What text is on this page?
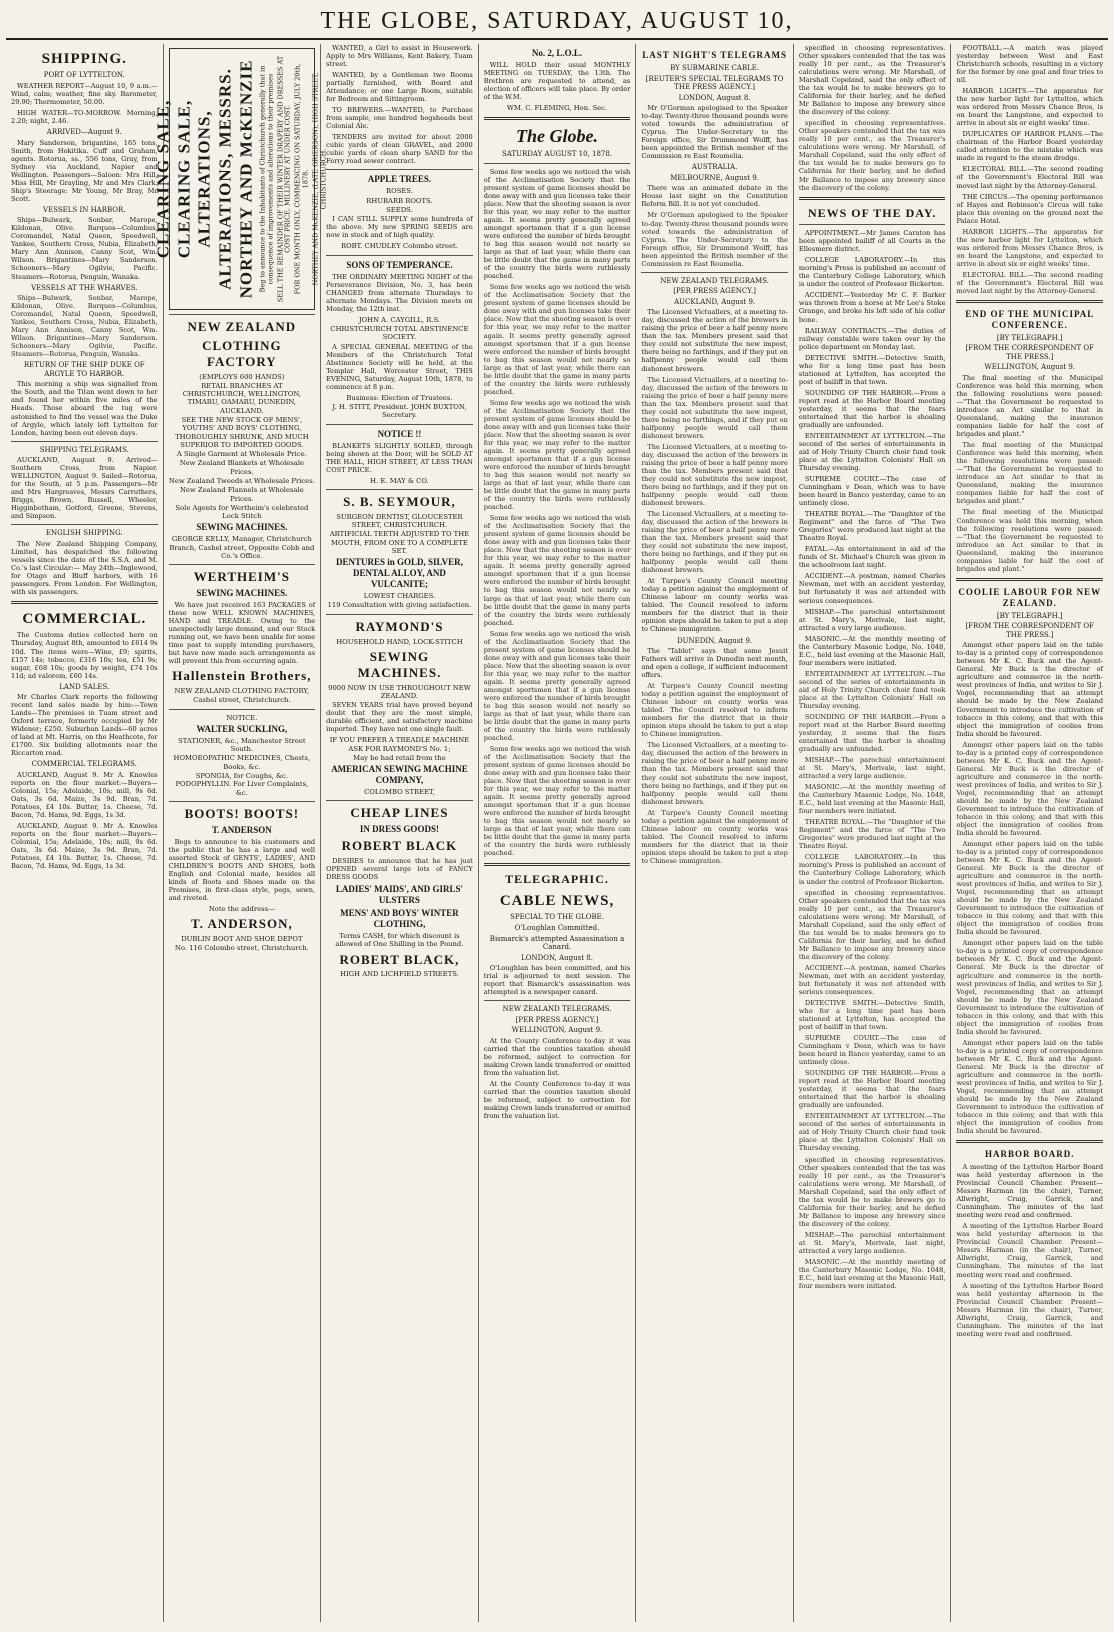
THE GLOBE, SATURDAY, AUGUST 10,
SHIPPING.
PORT OF LYTTELTON.

WEATHER REPORT—August 10, 9 a.m.—Wind, calm; weather, fine sky. Barometer, 29.90; Thermometer, 50.00.

HIGH WATER—TO-MORROW. Morning, 2.20; night, 2.46.

ARRIVED—August 9.

Mary Sanderson, brigantine, 165 tons, Smith, from Hokitika. Cuff and Graham, agents. Rotorua, ss., 556 tons, Gray, from Sydney via Auckland, Napier and Wellington. Passengers—Saloon: Mrs Hill, Miss Hill, Mr Grayling, Mr and Mrs Clark. Ship's Steerage: Mr Young, Mr Bray, Mr Scott.

VESSELS IN HARBOR.

Ships—Bulwark, Sonbar, Marope, Kildonan, Olive. Barques—Columbus, Coromandel, Natal Queen, Speedwell, Yankee, Southern Cross, Nubia, Elizabeth, Mary Ann Annison, Canny Scot, Wm. Wilson. Brigantines—Mary Sanderson. Schooners—Mary Ogilvie, Pacific. Steamers—Rotorua, Penguin, Wanaka.

VESSELS AT THE WHARVES.

Ships—Bulwark, Sonbar, Marope, Kildonan, Olive. Barques—Columbus, Coromandel, Natal Queen, Speedwell, Yankee, Southern Cross, Nubia, Elizabeth, Mary Ann Annison, Canny Scot, Wm. Wilson. Brigantines—Mary Sanderson. Schooners—Mary Ogilvie, Pacific. Steamers—Rotorua, Penguin, Wanaka.

RETURN OF THE SHIP DUKE OF ARGYLE TO HARBOR.

This morning a ship was signalled from the South, and the Titan went down to her and found her within five miles of the Heads. Those aboard the tug were astonished to find the vessel was the Duke of Argyle, which lately left Lyttelton for London, having been out eleven days.

SHIPPING TELEGRAMS.

AUCKLAND, August 9. Arrived—Southern Cross, from Napier. WELLINGTON, August 9. Sailed—Rotorua, for the South, at 5 p.m. Passengers—Mr and Mrs Hargreaves, Messrs Carruthers, Briggs, Brown, Russell, Wheeler, Higginbotham, Gotford, Greene, Stevens, and Simpson.

ENGLISH SHIPPING.

The New Zealand Shipping Company, Limited, has despatched the following vessels since the date of the S.S.A. and M. Co.'s last Circular:— May 24th—Inglewood, for Otago and Bluff harbors, with 16 passengers. From London. For Wellington, with six passengers.

COMMERCIAL.

The Customs duties collected here on Thursday, August 8th, amounted to £614 9s 10d. The items were—Wine, £9; spirits, £157 14s; tobacco, £316 10s; tea, £51 9s; sugar, £68 10s; goods by weight, £74 10s 11d; ad valorem, £60 14s.

LAND SALES.

Mr Charles Clark reports the following recent land sales made by him:—Town Lands—The premises in Tuam street and Oxford terrace, formerly occupied by Mr Widener; £250. Suburban Lands—60 acres of land at Mt. Harris, on the Heathcote, for £1700. Six building allotments near the Riccarton road.

COMMERCIAL TELEGRAMS.

AUCKLAND, August 9. Mr A. Knowles reports on the flour market:—Buyers—Colonial, 15s; Adelaide, 10s; mill, 9s 6d. Oats, 3s 6d. Maize, 3s 9d. Bran, 7d. Potatoes, £4 10s. Butter, 1s. Cheese, 7d. Bacon, 7d. Hams, 9d. Eggs, 1s 3d.

AUCKLAND, August 9. Mr A. Knowles reports on the flour market:—Buyers—Colonial, 15s; Adelaide, 10s; mill, 9s 6d. Oats, 3s 6d. Maize, 3s 9d. Bran, 7d. Potatoes, £4 10s. Butter, 1s. Cheese, 7d. Bacon, 7d. Hams, 9d. Eggs, 1s 3d.

CLEARING SALE, CLEARING SALE, ALTERATIONS, ALTERATIONS, MESSRS. NORTHEY AND McKENZIE Beg to announce to the Inhabitants of Christchurch generally that in consequence of improvements and alterations to their premises SELL THE REMAINDER OF THEIR WINTER DRAPERY AND DRESSES AT COST PRICE. MILLINERY AT UNDER COST. FOR ONE MONTH ONLY, COMMENCING ON SATURDAY, JULY 20th, 1878. NORTHEY AND McKENZIE, (LATE GRIERSON), HIGH STREET, CHRISTCHURCH.
NEW ZEALAND
CLOTHING FACTORY
(EMPLOYS 600 HANDS)
RETAIL BRANCHES AT CHRISTCHURCH, WELLINGTON, TIMARU, OAMARU, DUNEDIN, AUCKLAND.
SEE THE NEW STOCK OF MENS', YOUTHS' AND BOYS' CLOTHING, THOROUGHLY SHRUNK, AND MUCH SUPERIOR TO IMPORTED GOODS.
A Single Garment at Wholesale Price.
New Zealand Blankets at Wholesale Prices.
New Zealand Tweeds at Wholesale Prices.
New Zealand Flannels at Wholesale Prices.
Sole Agents for Wertheim's celebrated Lock Stitch
SEWING MACHINES.
GEORGE KELLY, Manager, Christchurch Branch, Cashel street, Opposite Cobb and Co.'s Office.
WERTHEIM'S
SEWING MACHINES.

We have just received 163 PACKAGES of these now WELL KNOWN MACHINES, HAND and TREADLE. Owing to the unexpectedly large demand, and our Stock running out, we have been unable for some time past to supply intending purchasers, but have now made such arrangements as will prevent this from occurring again.

Hallenstein Brothers,
NEW ZEALAND CLOTHING FACTORY,
Cashel street, Christchurch.
NOTICE.
WALTER SUCKLING,
STATIONER, &c., Manchester Street South.
HOMOEOPATHIC MEDICINES, Chests, Books, &c.
SPONGIA, for Coughs, &c. PODOPHYLLIN. For Liver Complaints, &c.
BOOTS! BOOTS!
T. ANDERSON

Begs to announce to his customers and the public that he has a large and well assorted Stock of GENTS', LADIES', AND CHILDREN'S BOOTS AND SHOES, both English and Colonial made, besides all kinds of Boots and Shoes made on the Premises, in first-class style, pegs, sewn, and riveted.

Note the address—
T. ANDERSON,
DUBLIN BOOT AND SHOE DEPOT
No. 116 Colombo street, Christchurch.

WANTED, a Girl to assist in Housework. Apply to Mrs Williams, Kent Bakery, Tuam street.

WANTED, by a Gentleman two Rooms partially furnished, with Board and Attendance; or one Large Room, suitable for Bedroom and Sittingroom.

TO BREWERS.—WANTED, to Purchase from sample, one hundred hogsheads best Colonial Ale.

TENDERS are invited for about 2000 cubic yards of clean GRAVEL, and 2000 cubic yards of clean sharp SAND for the Ferry road sewer contract.

APPLE TREES.
ROSES.
RHUBARB ROOTS.
SEEDS.

I CAN STILL SUPPLY some hundreds of the above. My new SPRING SEEDS are now in stock and of high quality.

ROBT. CHUDLEY Colombo street.
SONS OF TEMPERANCE.

THE ORDINARY MEETING NIGHT of the Perseverance Division, No. 3, has been CHANGED from alternate Thursdays to alternate Mondays. The Division meets on Monday, the 12th inst.

JOHN A. CAYGILL, R.S.
CHRISTCHURCH TOTAL ABSTINENCE SOCIETY.

A SPECIAL GENERAL MEETING of the Members of the Christchurch Total Abstinence Society will be held, at the Templar Hall, Worcester Street, THIS EVENING, Saturday, August 10th, 1878, to commence at 8 p.m.

Business: Election of Trustees.
J. H. STITT, President. JOHN BUXTON, Secretary.
NOTICE !!

BLANKETS SLIGHTLY SOILED, through being shown at the Door, will be SOLD AT THE HALL, HIGH STREET, AT LESS THAN COST PRICE.

H. E. MAY & CO.
S. B. SEYMOUR,
SURGEON DENTIST, GLOUCESTER STREET, CHRISTCHURCH.
ARTIFICIAL TEETH ADJUSTED TO THE MOUTH, FROM ONE TO A COMPLETE SET.
DENTURES in GOLD, SILVER, DENTAL ALLOY, AND VULCANITE;
LOWEST CHARGES.
119 Consultation with giving satisfaction.
RAYMOND'S
HOUSEHOLD HAND, LOCK-STITCH
SEWING MACHINES.
9000 NOW IN USE THROUGHOUT NEW ZEALAND.

SEVEN YEARS trial have proved beyond doubt that they are the most simple, durable efficient, and satisfactory machine imported. They have not one single fault.

IF YOU PREFER A TREADLE MACHINE ASK FOR RAYMOND'S No. 1;
May be had retail from the
AMERICAN SEWING MACHINE COMPANY,
COLOMBO STREET,
CHEAP LINES
IN DRESS GOODS!
ROBERT BLACK

DESIRES to announce that he has just OPENED several large lots of FANCY DRESS GOODS

LADIES' MAIDS', AND GIRLS' ULSTERS
MENS' AND BOYS' WINTER CLOTHING,
Terms CASH, for which discount is allowed of One Shilling in the Pound.
ROBERT BLACK,
HIGH AND LICHFIELD STREETS.
No. 2, L.O.L.

WILL HOLD their usual MONTHLY MEETING on TUESDAY, the 13th. The Brethren are requested to attend, as election of officers will take place. By order of the W.M.

WM. C. FLEMING, Hon. Sec.
The Globe.
SATURDAY AUGUST 10, 1878.

Some few weeks ago we noticed the wish of the Acclimatisation Society that the present system of game licenses should be done away with and gun licenses take their place. Now that the shooting season is over for this year, we may refer to the matter again. It seems pretty generally agreed amongst sportsmen that if a gun license were enforced the number of birds brought to bag this season would not nearly so large as that of last year, while there can be little doubt that the game in many parts of the country the birds were ruthlessly poached.

Some few weeks ago we noticed the wish of the Acclimatisation Society that the present system of game licenses should be done away with and gun licenses take their place. Now that the shooting season is over for this year, we may refer to the matter again. It seems pretty generally agreed amongst sportsmen that if a gun license were enforced the number of birds brought to bag this season would not nearly so large as that of last year, while there can be little doubt that the game in many parts of the country the birds were ruthlessly poached.

Some few weeks ago we noticed the wish of the Acclimatisation Society that the present system of game licenses should be done away with and gun licenses take their place. Now that the shooting season is over for this year, we may refer to the matter again. It seems pretty generally agreed amongst sportsmen that if a gun license were enforced the number of birds brought to bag this season would not nearly so large as that of last year, while there can be little doubt that the game in many parts of the country the birds were ruthlessly poached.

Some few weeks ago we noticed the wish of the Acclimatisation Society that the present system of game licenses should be done away with and gun licenses take their place. Now that the shooting season is over for this year, we may refer to the matter again. It seems pretty generally agreed amongst sportsmen that if a gun license were enforced the number of birds brought to bag this season would not nearly so large as that of last year, while there can be little doubt that the game in many parts of the country the birds were ruthlessly poached.

Some few weeks ago we noticed the wish of the Acclimatisation Society that the present system of game licenses should be done away with and gun licenses take their place. Now that the shooting season is over for this year, we may refer to the matter again. It seems pretty generally agreed amongst sportsmen that if a gun license were enforced the number of birds brought to bag this season would not nearly so large as that of last year, while there can be little doubt that the game in many parts of the country the birds were ruthlessly poached.

Some few weeks ago we noticed the wish of the Acclimatisation Society that the present system of game licenses should be done away with and gun licenses take their place. Now that the shooting season is over for this year, we may refer to the matter again. It seems pretty generally agreed amongst sportsmen that if a gun license were enforced the number of birds brought to bag this season would not nearly so large as that of last year, while there can be little doubt that the game in many parts of the country the birds were ruthlessly poached.

TELEGRAPHIC.
CABLE NEWS,
SPECIAL TO THE GLOBE.
O'Loughlan Committed.
Bismarck's attempted Assassination a Canard.
LONDON, August 8.

O'Loughlan has been committed, and his trial is adjourned to next session. The report that Bismarck's assassination was attempted is a newspaper canard.

NEW ZEALAND TELEGRAMS.
[PER PRESS AGENCY.]
WELLINGTON, August 9.

At the County Conference to-day it was carried that the counties taxation should be reformed, subject to correction for making Crown lands transferred or omitted from the valuation list.

At the County Conference to-day it was carried that the counties taxation should be reformed, subject to correction for making Crown lands transferred or omitted from the valuation list.

LAST NIGHT'S TELEGRAMS
BY SUBMARINE CABLE.
[REUTER'S SPECIAL TELEGRAMS TO THE PRESS AGENCY.]
LONDON, August 8.

Mr O'Gorman apologised to the Speaker to-day. Twenty-three thousand pounds were voted towards the administration of Cyprus. The Under-Secretary to the Foreign office, Sir Drummond Wolff, has been appointed the British member of the Commission re East Roumelia.

AUSTRALIA.
MELBOURNE, August 9.

There was an animated debate in the House last night on the Constitution Reform Bill. It is not yet concluded.

Mr O'Gorman apologised to the Speaker to-day. Twenty-three thousand pounds were voted towards the administration of Cyprus. The Under-Secretary to the Foreign office, Sir Drummond Wolff, has been appointed the British member of the Commission re East Roumelia.

NEW ZEALAND TELEGRAMS.
[PER PRESS AGENCY.]
AUCKLAND, August 9.

The Licensed Victuallers, at a meeting to-day, discussed the action of the brewers in raising the price of beer a half penny more than the tax. Members present said that they could not substitute the new impost, there being no farthings, and if they put on halfpenny people would call them dishonest brewers.

The Licensed Victuallers, at a meeting to-day, discussed the action of the brewers in raising the price of beer a half penny more than the tax. Members present said that they could not substitute the new impost, there being no farthings, and if they put on halfpenny people would call them dishonest brewers.

The Licensed Victuallers, at a meeting to-day, discussed the action of the brewers in raising the price of beer a half penny more than the tax. Members present said that they could not substitute the new impost, there being no farthings, and if they put on halfpenny people would call them dishonest brewers.

The Licensed Victuallers, at a meeting to-day, discussed the action of the brewers in raising the price of beer a half penny more than the tax. Members present said that they could not substitute the new impost, there being no farthings, and if they put on halfpenny people would call them dishonest brewers.

At Turpee's County Council meeting today a petition against the employment of Chinese labour on county works was tabled. The Council resolved to inform members for the district that in their opinion steps should be taken to put a stop to Chinese immigration.

DUNEDIN, August 9.

The "Tablet" says that some Jesuit Fathers will arrive in Dunedin next month, and open a college, if sufficient inducement offers.

At Turpee's County Council meeting today a petition against the employment of Chinese labour on county works was tabled. The Council resolved to inform members for the district that in their opinion steps should be taken to put a stop to Chinese immigration.

The Licensed Victuallers, at a meeting to-day, discussed the action of the brewers in raising the price of beer a half penny more than the tax. Members present said that they could not substitute the new impost, there being no farthings, and if they put on halfpenny people would call them dishonest brewers.

At Turpee's County Council meeting today a petition against the employment of Chinese labour on county works was tabled. The Council resolved to inform members for the district that in their opinion steps should be taken to put a stop to Chinese immigration.

specified in choosing representatives. Other speakers contended that the tax was really 10 per cent., as the Treasurer's calculations were wrong. Mr Marshall, of Marshall Copeland, said the only effect of the tax would be to make brewers go to California for their barley, and he defied Mr Ballance to impose any brewery since the discovery of the colony.

specified in choosing representatives. Other speakers contended that the tax was really 10 per cent., as the Treasurer's calculations were wrong. Mr Marshall, of Marshall Copeland, said the only effect of the tax would be to make brewers go to California for their barley, and he defied Mr Ballance to impose any brewery since the discovery of the colony.

NEWS OF THE DAY.

APPOINTMENT.—Mr James Caraton has been appointed bailiff of all Courts in the Ellesmere district.

COLLEGE LABORATORY.—In this morning's Press is published an account of the Canterbury College Laboratory, which is under the control of Professor Bickerton.

ACCIDENT.—Yesterday Mr C. F. Barker was thrown from a horse at Mr Lee's Stoke Grange, and broke his left side of his collar bone.

RAILWAY CONTRACTS.—The duties of railway constable were taken over by the police department on Monday last.

DETECTIVE SMITH.—Detective Smith, who for a long time past has been stationed at Lyttelton, has accepted the post of bailiff in that town.

SOUNDING OF THE HARBOR.—From a report read at the Harbor Board meeting yesterday, it seems that the fears entertained that the harbor is shoaling gradually are unfounded.

ENTERTAINMENT AT LYTTELTON.—The second of the series of entertainments in aid of Holy Trinity Church choir fund took place at the Lyttelton Colonists' Hall on Thursday evening.

SUPREME COURT.—The case of Cunningham v Dean, which was to have been heard in Banco yesterday, came to an untimely close.

THEATRE ROYAL.—The "Daughter of the Regiment" and the farce of "The Two Gregories" were produced last night at the Theatre Royal.

FATAL.—An entertainment in aid of the funds of St. Michael's Church was given in the schoolroom last night.

ACCIDENT.—A postman, named Charles Newman, met with an accident yesterday, but fortunately it was not attended with serious consequences.

MISHAP.—The parochial entertainment at St. Mary's, Merivale, last night, attracted a very large audience.

MASONIC.—At the monthly meeting of the Canterbury Masonic Lodge, No. 1048, E.C., held last evening at the Masonic Hall, four members were initiated.

ENTERTAINMENT AT LYTTELTON.—The second of the series of entertainments in aid of Holy Trinity Church choir fund took place at the Lyttelton Colonists' Hall on Thursday evening.

SOUNDING OF THE HARBOR.—From a report read at the Harbor Board meeting yesterday, it seems that the fears entertained that the harbor is shoaling gradually are unfounded.

MISHAP.—The parochial entertainment at St. Mary's, Merivale, last night, attracted a very large audience.

MASONIC.—At the monthly meeting of the Canterbury Masonic Lodge, No. 1048, E.C., held last evening at the Masonic Hall, four members were initiated.

THEATRE ROYAL.—The "Daughter of the Regiment" and the farce of "The Two Gregories" were produced last night at the Theatre Royal.

COLLEGE LABORATORY.—In this morning's Press is published an account of the Canterbury College Laboratory, which is under the control of Professor Bickerton.

specified in choosing representatives. Other speakers contended that the tax was really 10 per cent., as the Treasurer's calculations were wrong. Mr Marshall, of Marshall Copeland, said the only effect of the tax would be to make brewers go to California for their barley, and he defied Mr Ballance to impose any brewery since the discovery of the colony.

ACCIDENT.—A postman, named Charles Newman, met with an accident yesterday, but fortunately it was not attended with serious consequences.

DETECTIVE SMITH.—Detective Smith, who for a long time past has been stationed at Lyttelton, has accepted the post of bailiff in that town.

SUPREME COURT.—The case of Cunningham v Dean, which was to have been heard in Banco yesterday, came to an untimely close.

SOUNDING OF THE HARBOR.—From a report read at the Harbor Board meeting yesterday, it seems that the fears entertained that the harbor is shoaling gradually are unfounded.

ENTERTAINMENT AT LYTTELTON.—The second of the series of entertainments in aid of Holy Trinity Church choir fund took place at the Lyttelton Colonists' Hall on Thursday evening.

specified in choosing representatives. Other speakers contended that the tax was really 10 per cent., as the Treasurer's calculations were wrong. Mr Marshall, of Marshall Copeland, said the only effect of the tax would be to make brewers go to California for their barley, and he defied Mr Ballance to impose any brewery since the discovery of the colony.

MISHAP.—The parochial entertainment at St. Mary's, Merivale, last night, attracted a very large audience.

MASONIC.—At the monthly meeting of the Canterbury Masonic Lodge, No. 1048, E.C., held last evening at the Masonic Hall, four members were initiated.

FOOTBALL.—A match was played yesterday between West and East Christchurch schools, resulting in a victory for the former by one goal and four tries to nil.

HARBOR LIGHTS.—The apparatus for the new harbor light for Lyttelton, which was ordered from Messrs Chance Bros, is on board the Langstone, and expected to arrive in about six or eight weeks' time.

DUPLICATES OF HARBOR PLANS.—The chairman of the Harbor Board yesterday called attention to the mistake which was made in regard to the steam dredge.

ELECTORAL BILL.—The second reading of the Government's Electoral Bill was moved last night by the Attorney-General.

THE CIRCUS.—The opening performance of Hayes and Robinson's Circus will take place this evening on the ground next the Palace Hotel.

HARBOR LIGHTS.—The apparatus for the new harbor light for Lyttelton, which was ordered from Messrs Chance Bros, is on board the Langstone, and expected to arrive in about six or eight weeks' time.

ELECTORAL BILL.—The second reading of the Government's Electoral Bill was moved last night by the Attorney-General.

END OF THE MUNICIPAL CONFERENCE.
[BY TELEGRAPH.]
[FROM THE CORRESPONDENT OF THE PRESS.]
WELLINGTON, August 9.

The final meeting of the Municipal Conference was held this morning, when the following resolutions were passed:—"That the Government be requested to introduce an Act similar to that in Queensland, making the insurance companies liable for half the cost of brigades and plant."

The final meeting of the Municipal Conference was held this morning, when the following resolutions were passed:—"That the Government be requested to introduce an Act similar to that in Queensland, making the insurance companies liable for half the cost of brigades and plant."

The final meeting of the Municipal Conference was held this morning, when the following resolutions were passed:—"That the Government be requested to introduce an Act similar to that in Queensland, making the insurance companies liable for half the cost of brigades and plant."

COOLIE LABOUR FOR NEW ZEALAND.
[BY TELEGRAPH.]
[FROM THE CORRESPONDENT OF THE PRESS.]

Amongst other papers laid on the table to-day is a printed copy of correspondence between Mr K. C. Buck and the Agent-General. Mr Buck is the director of agriculture and commerce in the north-west provinces of India, and writes to Sir J. Vogel, recommending that an attempt should be made by the New Zealand Government to introduce the cultivation of tobacco in this colony, and that with this object the immigration of coolies from India should be favoured.

Amongst other papers laid on the table to-day is a printed copy of correspondence between Mr K. C. Buck and the Agent-General. Mr Buck is the director of agriculture and commerce in the north-west provinces of India, and writes to Sir J. Vogel, recommending that an attempt should be made by the New Zealand Government to introduce the cultivation of tobacco in this colony, and that with this object the immigration of coolies from India should be favoured.

Amongst other papers laid on the table to-day is a printed copy of correspondence between Mr K. C. Buck and the Agent-General. Mr Buck is the director of agriculture and commerce in the north-west provinces of India, and writes to Sir J. Vogel, recommending that an attempt should be made by the New Zealand Government to introduce the cultivation of tobacco in this colony, and that with this object the immigration of coolies from India should be favoured.

Amongst other papers laid on the table to-day is a printed copy of correspondence between Mr K. C. Buck and the Agent-General. Mr Buck is the director of agriculture and commerce in the north-west provinces of India, and writes to Sir J. Vogel, recommending that an attempt should be made by the New Zealand Government to introduce the cultivation of tobacco in this colony, and that with this object the immigration of coolies from India should be favoured.

Amongst other papers laid on the table to-day is a printed copy of correspondence between Mr K. C. Buck and the Agent-General. Mr Buck is the director of agriculture and commerce in the north-west provinces of India, and writes to Sir J. Vogel, recommending that an attempt should be made by the New Zealand Government to introduce the cultivation of tobacco in this colony, and that with this object the immigration of coolies from India should be favoured.

HARBOR BOARD.

A meeting of the Lyttelton Harbor Board was held yesterday afternoon in the Provincial Council Chamber. Present—Messrs Harman (in the chair), Turner, Allwright, Craig, Garrick, and Cunningham. The minutes of the last meeting were read and confirmed.

A meeting of the Lyttelton Harbor Board was held yesterday afternoon in the Provincial Council Chamber. Present—Messrs Harman (in the chair), Turner, Allwright, Craig, Garrick, and Cunningham. The minutes of the last meeting were read and confirmed.

A meeting of the Lyttelton Harbor Board was held yesterday afternoon in the Provincial Council Chamber. Present—Messrs Harman (in the chair), Turner, Allwright, Craig, Garrick, and Cunningham. The minutes of the last meeting were read and confirmed.
